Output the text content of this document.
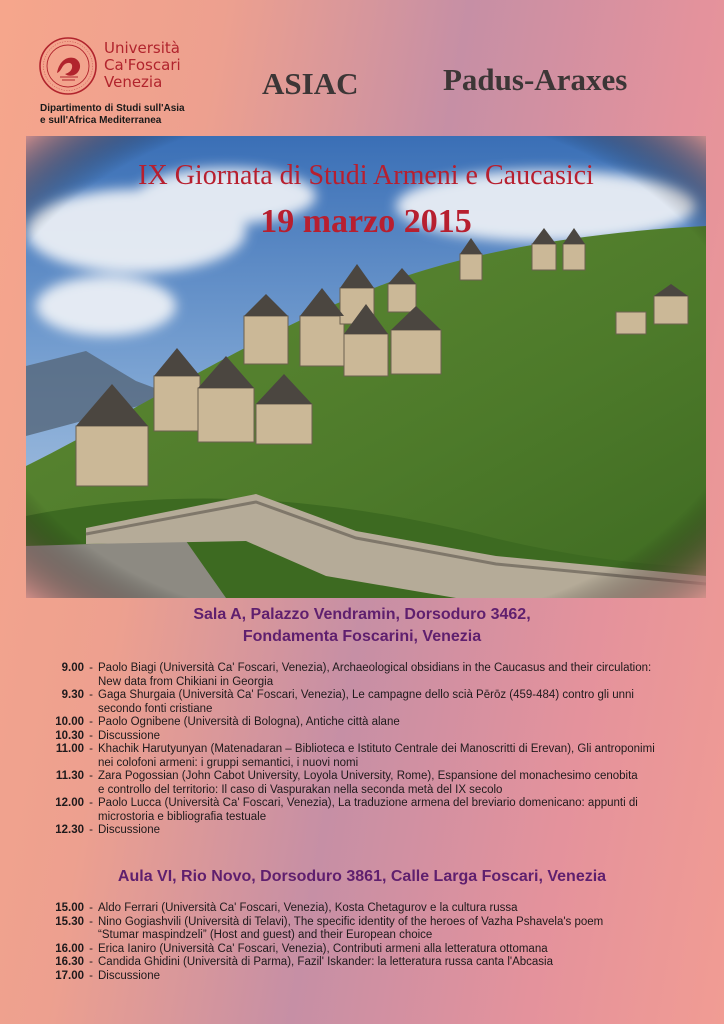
Università
Ca'Foscari
Venezia
Dipartimento di Studi sull'Asia
e sull'Africa Mediterranea
ASIAC	Padus-Araxes
IX Giornata di Studi Armeni e Caucasici
19 marzo 2015
Sala A, Palazzo Vendramin, Dorsoduro 3462,
Fondamenta Foscarini, Venezia
9.00 - Paolo Biagi (Università Ca' Foscari, Venezia), Archaeological obsidians in the Caucasus and their circulation:
New data from Chikiani in Georgia
9.30 - Gaga Shurgaia (Università Ca' Foscari, Venezia), Le campagne dello scià Pērōz (459-484) contro gli unni
secondo fonti cristiane
10.00 - Paolo Ognibene (Università di Bologna), Antiche città alane
10.30 - Discussione
11.00 - Khachik Harutyunyan (Matenadaran – Biblioteca e Istituto Centrale dei Manoscritti di Erevan), Gli antroponimi
nei colofoni armeni: i gruppi semantici, i nuovi nomi
11.30 - Zara Pogossian (John Cabot University, Loyola University, Rome), Espansione del monachesimo cenobita
e controllo del territorio: Il caso di Vaspurakan nella seconda metà del IX secolo
12.00 - Paolo Lucca (Università Ca' Foscari, Venezia), La traduzione armena del breviario domenicano: appunti di
microstoria e bibliografia testuale
12.30 - Discussione
Aula VI, Rio Novo, Dorsoduro 3861, Calle Larga Foscari, Venezia
15.00 - Aldo Ferrari (Università Ca' Foscari, Venezia), Kosta Chetagurov e la cultura russa
15.30 - Nino Gogiashvili (Università di Telavi), The specific identity of the heroes of Vazha Pshavela's poem
“Stumar maspindzeli” (Host and guest) and their European choice
16.00 - Erica Ianiro (Università Ca' Foscari, Venezia), Contributi armeni alla letteratura ottomana
16.30 - Candida Ghidini (Università di Parma), Fazil' Iskander: la letteratura russa canta l'Abcasia
17.00 - Discussione
